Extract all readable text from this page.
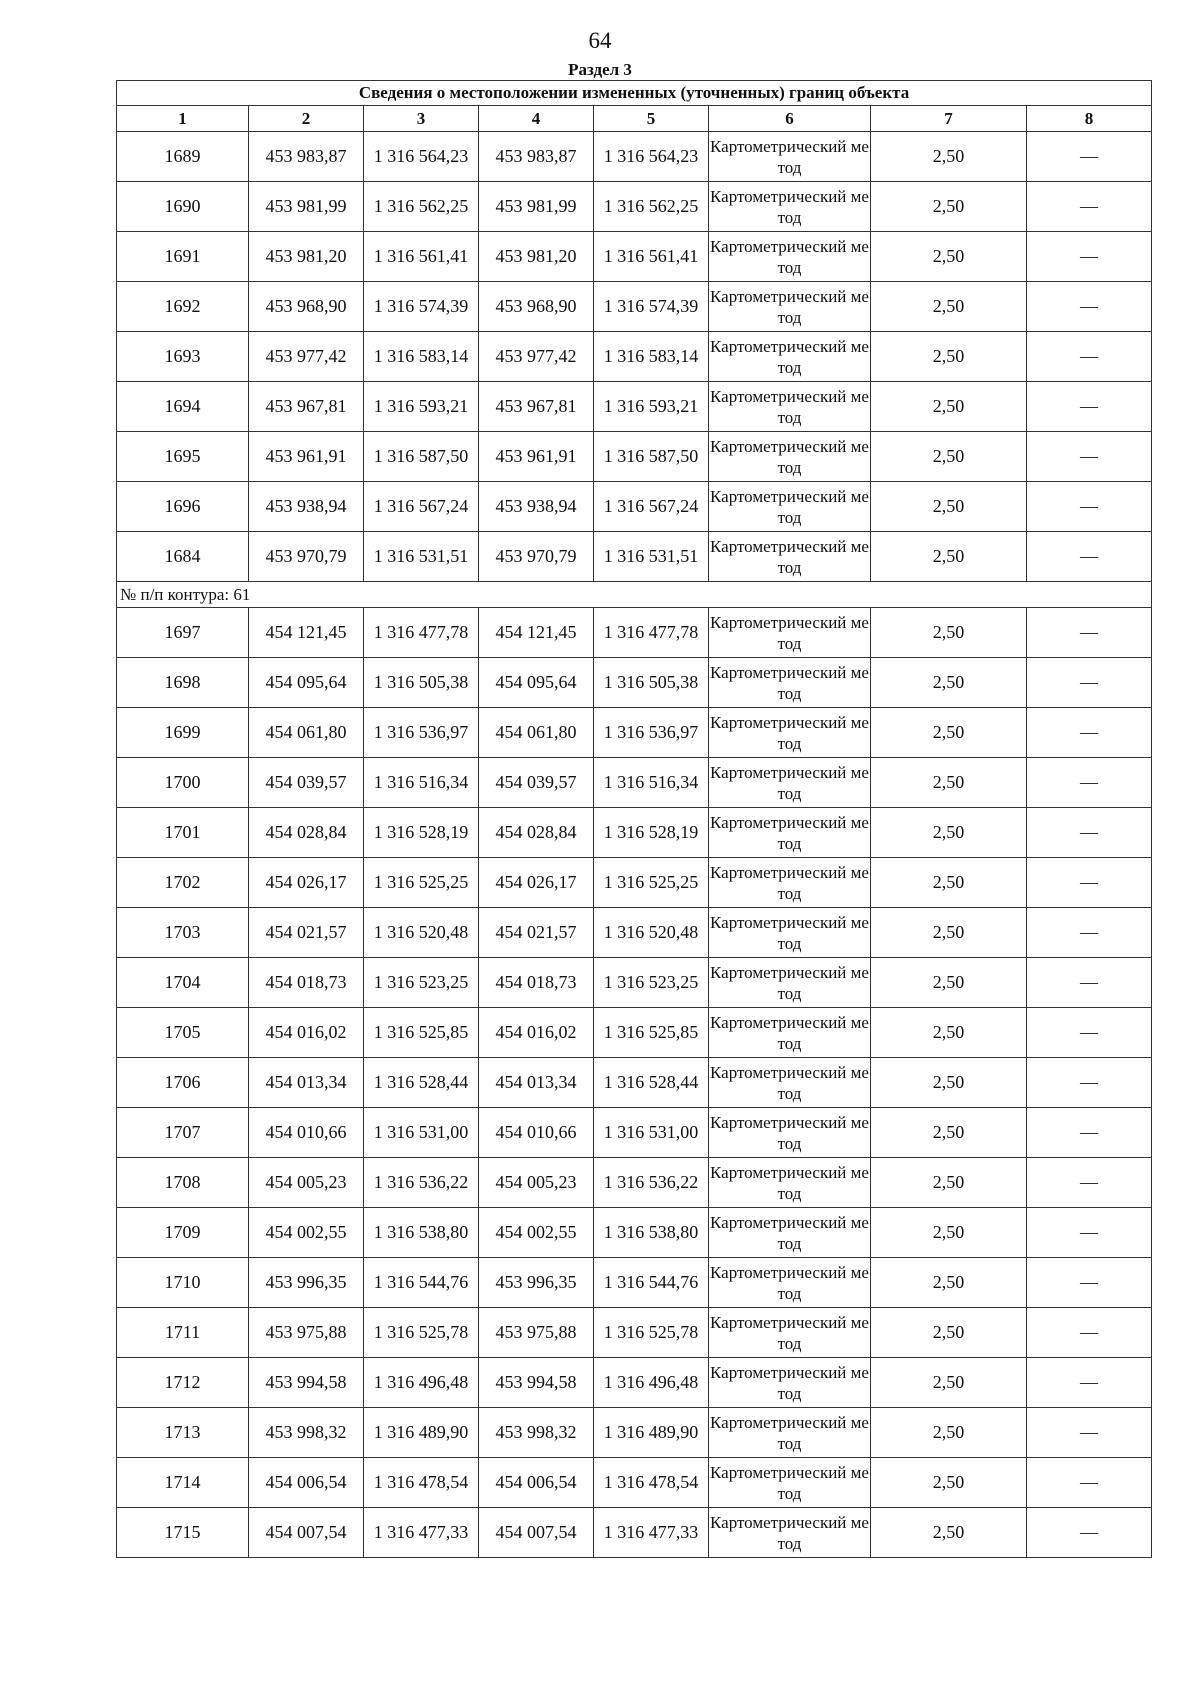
64
Раздел 3
Сведения о местоположении измененных (уточненных) границ объекта							
1	2	3	4	5	6	7	8
1689	453 983,87	1 316 564,23	453 983,87	1 316 564,23	Картометрический метод	2,50	—
1690	453 981,99	1 316 562,25	453 981,99	1 316 562,25	Картометрический метод	2,50	—
1691	453 981,20	1 316 561,41	453 981,20	1 316 561,41	Картометрический метод	2,50	—
1692	453 968,90	1 316 574,39	453 968,90	1 316 574,39	Картометрический метод	2,50	—
1693	453 977,42	1 316 583,14	453 977,42	1 316 583,14	Картометрический метод	2,50	—
1694	453 967,81	1 316 593,21	453 967,81	1 316 593,21	Картометрический метод	2,50	—
1695	453 961,91	1 316 587,50	453 961,91	1 316 587,50	Картометрический метод	2,50	—
1696	453 938,94	1 316 567,24	453 938,94	1 316 567,24	Картометрический метод	2,50	—
1684	453 970,79	1 316 531,51	453 970,79	1 316 531,51	Картометрический метод	2,50	—
№ п/п контура: 61							
1697	454 121,45	1 316 477,78	454 121,45	1 316 477,78	Картометрический метод	2,50	—
1698	454 095,64	1 316 505,38	454 095,64	1 316 505,38	Картометрический метод	2,50	—
1699	454 061,80	1 316 536,97	454 061,80	1 316 536,97	Картометрический метод	2,50	—
1700	454 039,57	1 316 516,34	454 039,57	1 316 516,34	Картометрический метод	2,50	—
1701	454 028,84	1 316 528,19	454 028,84	1 316 528,19	Картометрический метод	2,50	—
1702	454 026,17	1 316 525,25	454 026,17	1 316 525,25	Картометрический метод	2,50	—
1703	454 021,57	1 316 520,48	454 021,57	1 316 520,48	Картометрический метод	2,50	—
1704	454 018,73	1 316 523,25	454 018,73	1 316 523,25	Картометрический метод	2,50	—
1705	454 016,02	1 316 525,85	454 016,02	1 316 525,85	Картометрический метод	2,50	—
1706	454 013,34	1 316 528,44	454 013,34	1 316 528,44	Картометрический метод	2,50	—
1707	454 010,66	1 316 531,00	454 010,66	1 316 531,00	Картометрический метод	2,50	—
1708	454 005,23	1 316 536,22	454 005,23	1 316 536,22	Картометрический метод	2,50	—
1709	454 002,55	1 316 538,80	454 002,55	1 316 538,80	Картометрический метод	2,50	—
1710	453 996,35	1 316 544,76	453 996,35	1 316 544,76	Картометрический метод	2,50	—
1711	453 975,88	1 316 525,78	453 975,88	1 316 525,78	Картометрический метод	2,50	—
1712	453 994,58	1 316 496,48	453 994,58	1 316 496,48	Картометрический метод	2,50	—
1713	453 998,32	1 316 489,90	453 998,32	1 316 489,90	Картометрический метод	2,50	—
1714	454 006,54	1 316 478,54	454 006,54	1 316 478,54	Картометрический метод	2,50	—
1715	454 007,54	1 316 477,33	454 007,54	1 316 477,33	Картометрический метод	2,50	—
